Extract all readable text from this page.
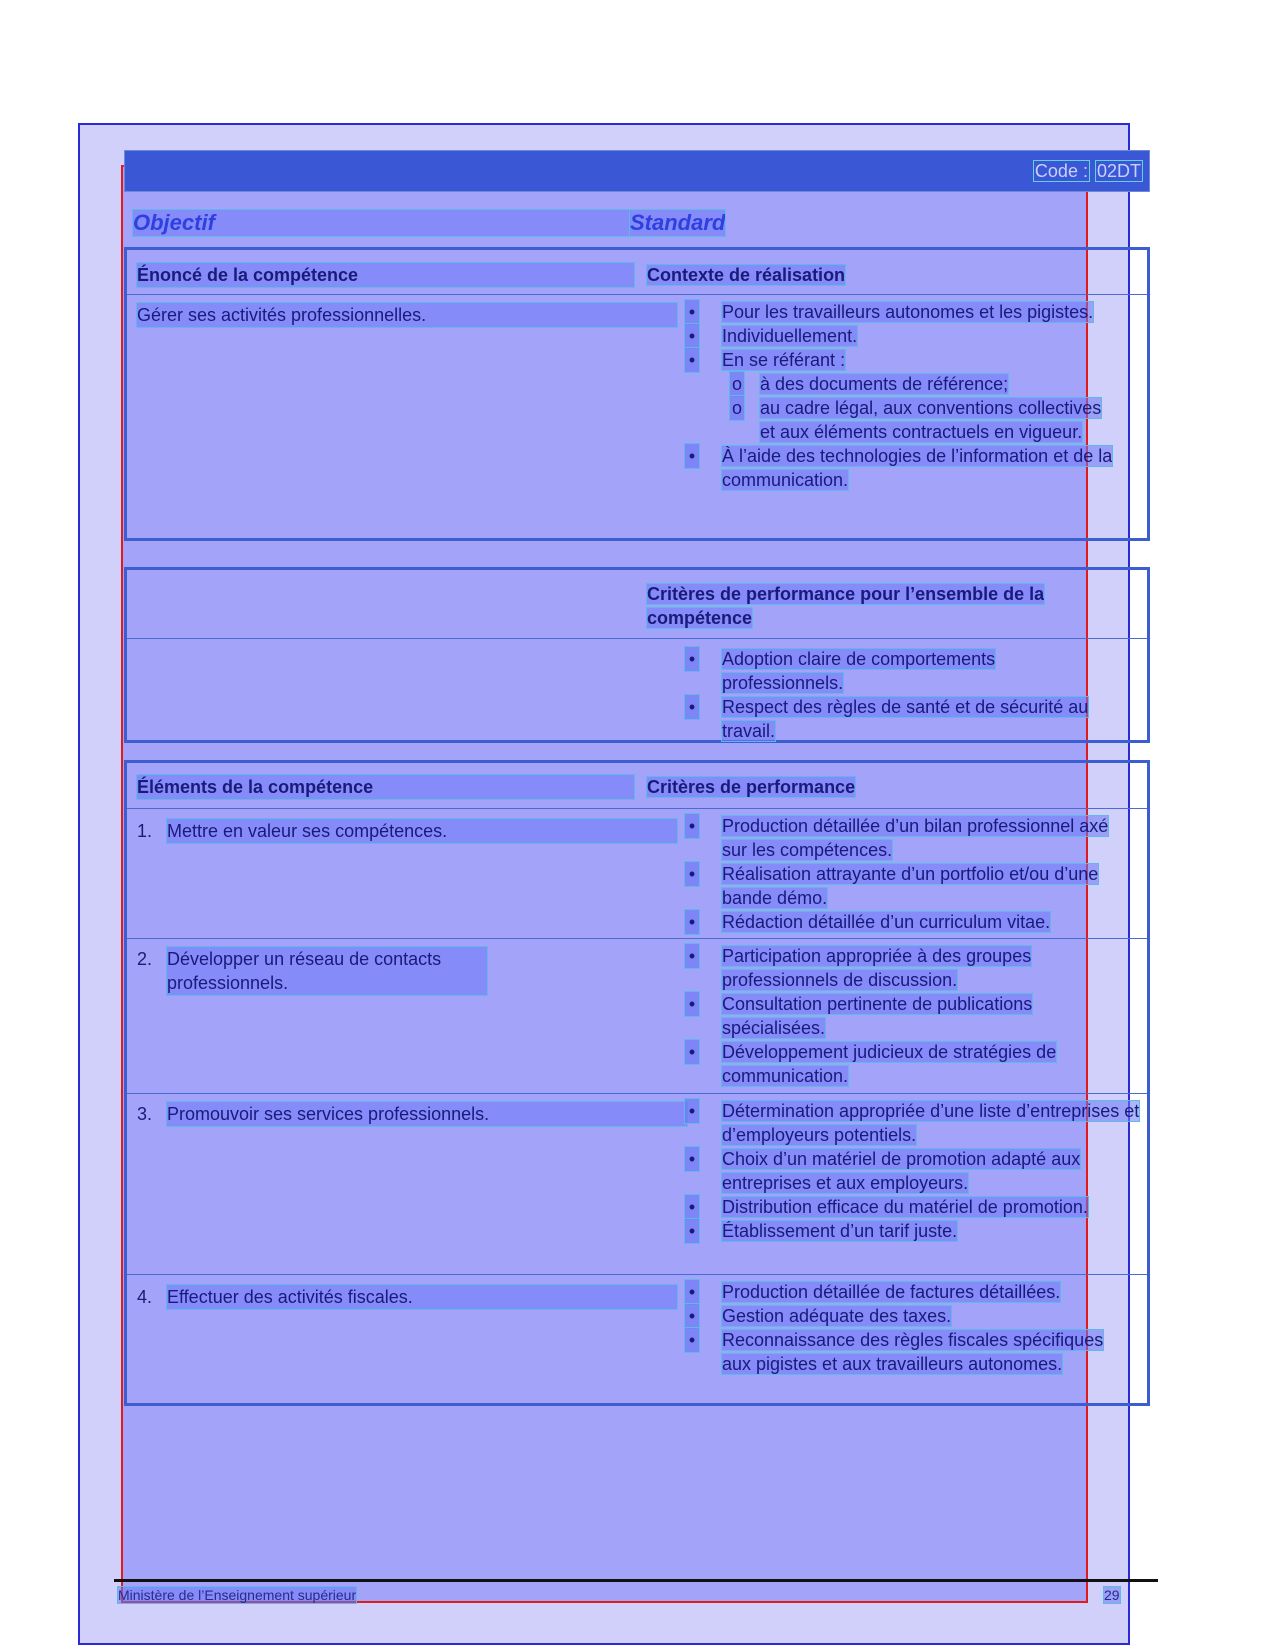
Code : 02DT
Objectif	Standard
Énoncé de la compétence	Contexte de réalisation
Gérer ses activités professionnelles.	• Pour les travailleurs autonomes et les pigistes.
• Individuellement.
• En se référant :
o à des documents de référence;
o au cadre légal, aux conventions collectives et aux éléments contractuels en vigueur.
• À l’aide des technologies de l’information et de la communication.
Critères de performance pour l’ensemble de la compétence
• Adoption claire de comportements professionnels.
• Respect des règles de santé et de sécurité au travail.
Éléments de la compétence	Critères de performance
1. Mettre en valeur ses compétences.	• Production détaillée d’un bilan professionnel axé sur les compétences.
• Réalisation attrayante d’un portfolio et/ou d’une bande démo.
• Rédaction détaillée d’un curriculum vitae.
2. Développer un réseau de contacts professionnels.
• Participation appropriée à des groupes professionnels de discussion.
• Consultation pertinente de publications spécialisées.
• Développement judicieux de stratégies de communication.
3. Promouvoir ses services professionnels.	• Détermination appropriée d’une liste d’entreprises et d’employeurs potentiels.
• Choix d’un matériel de promotion adapté aux entreprises et aux employeurs.
• Distribution efficace du matériel de promotion.
• Établissement d’un tarif juste.
4. Effectuer des activités fiscales.	• Production détaillée de factures détaillées.
• Gestion adéquate des taxes.
• Reconnaissance des règles fiscales spécifiques aux pigistes et aux travailleurs autonomes.
Ministère de l’Enseignement supérieur	29
